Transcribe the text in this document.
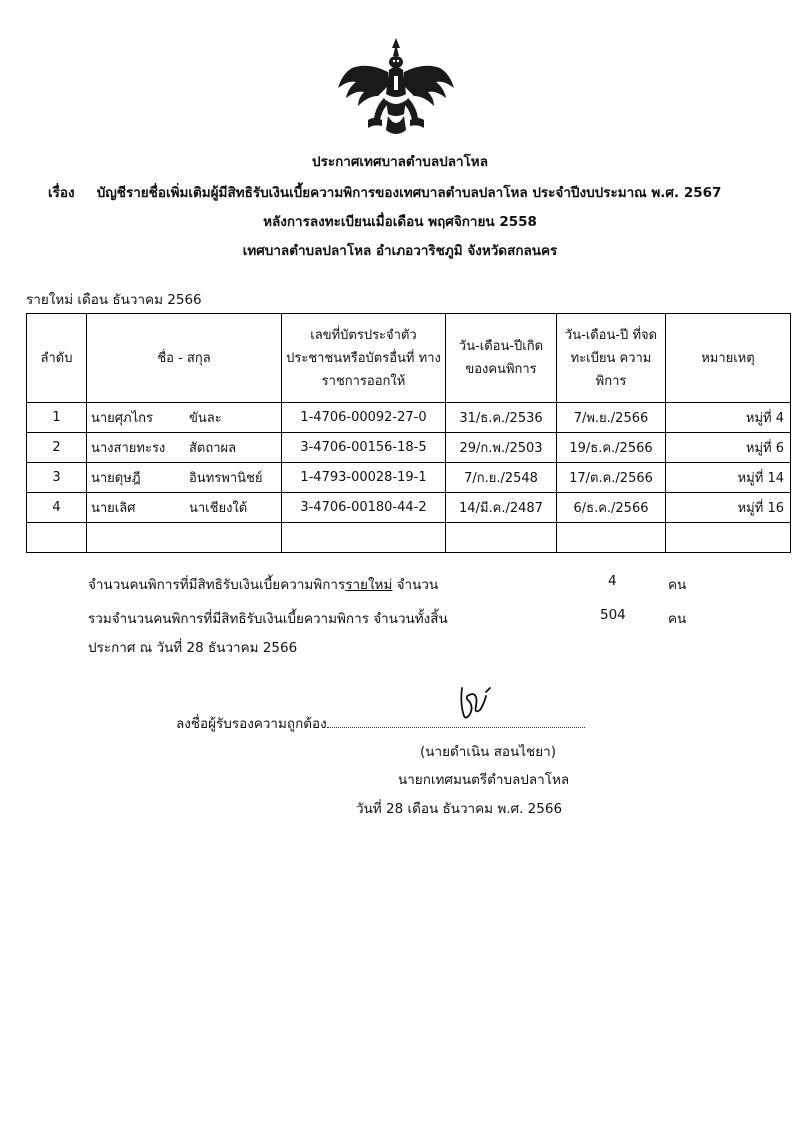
ประกาศเทศบาลตำบลปลาโหล
เรื่อง บัญชีรายชื่อเพิ่มเติมผู้มีสิทธิรับเงินเบี้ยความพิการของเทศบาลตำบลปลาโหล ประจำปีงบประมาณ พ.ศ. 2567
หลังการลงทะเบียนเมื่อเดือน พฤศจิกายน 2558
เทศบาลตำบลปลาโหล อำเภอวาริชภูมิ จังหวัดสกลนคร
รายใหม่ เดือน ธันวาคม 2566
ลำดับ	ชื่อ - สกุล	เลขที่บัตรประจำตัว ประชาชนหรือบัตรอื่นที่ ทางราชการออกให้	วัน-เดือน-ปีเกิด ของคนพิการ	วัน-เดือน-ปี ที่จดทะเบียน ความพิการ	หมายเหตุ
1	นายศุภไกร ขันละ	1-4706-00092-27-0	31/ธ.ค./2536	7/พ.ย./2566	หมู่ที่ 4
2	นางสายทะรง สัตถาผล	3-4706-00156-18-5	29/ก.พ./2503	19/ธ.ค./2566	หมู่ที่ 6
3	นายดุษฎี อินทรพานิชย์	1-4793-00028-19-1	7/ก.ย./2548	17/ต.ค./2566	หมู่ที่ 14
4	นายเลิศ นาเชียงใต้	3-4706-00180-44-2	14/มี.ค./2487	6/ธ.ค./2566	หมู่ที่ 16

จำนวนคนพิการที่มีสิทธิรับเงินเบี้ยความพิการรายใหม่ จำนวน	4	คน
รวมจำนวนคนพิการที่มีสิทธิรับเงินเบี้ยความพิการ จำนวนทั้งสิ้น	504	คน
ประกาศ ณ วันที่ 28 ธันวาคม 2566
ลงชื่อผู้รับรองความถูกต้อง
(นายดำเนิน สอนไชยา)
นายกเทศมนตรีตำบลปลาโหล
วันที่ 28 เดือน ธันวาคม พ.ศ. 2566
